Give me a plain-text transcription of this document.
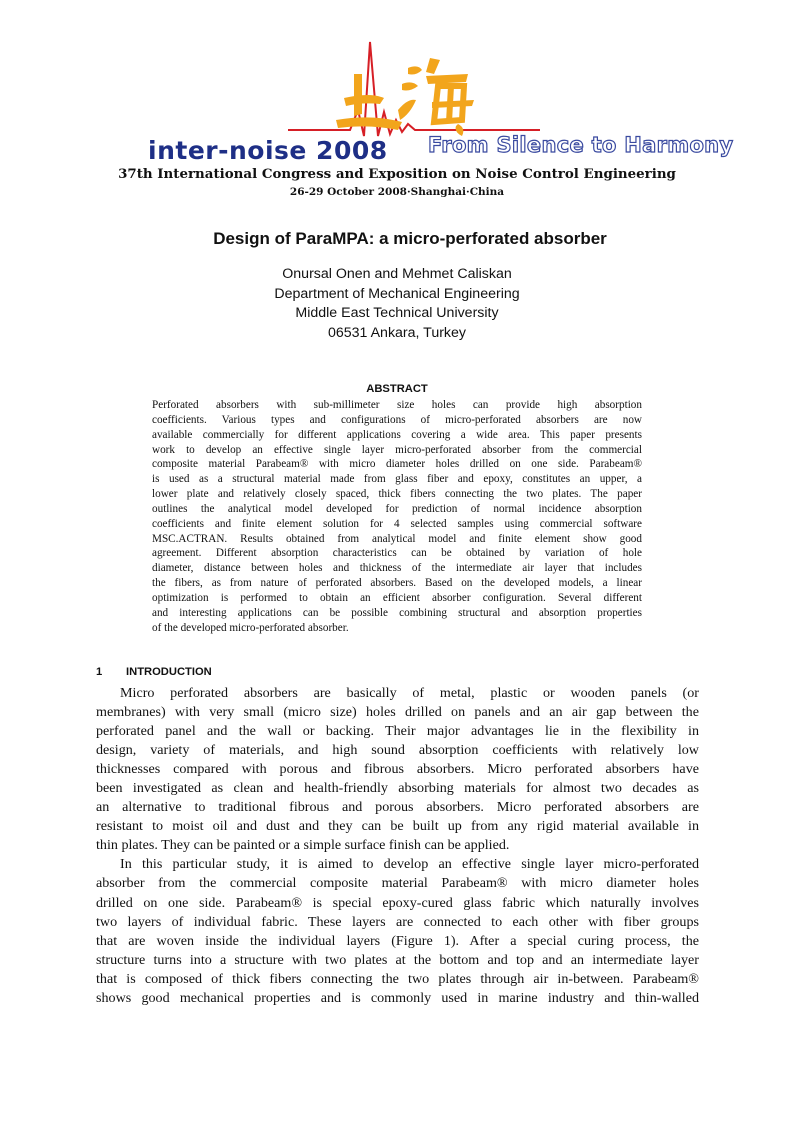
inter-noise 2008 From Silence to Harmony
37th International Congress and Exposition on Noise Control Engineering
26-29 October 2008·Shanghai·China
Design of ParaMPA: a micro-perforated absorber
Onursal Onen and Mehmet Caliskan
Department of Mechanical Engineering
Middle East Technical University
06531 Ankara, Turkey
ABSTRACT
Perforated absorbers with sub-millimeter size holes can provide high absorption
coefficients. Various types and configurations of micro-perforated absorbers are now
available commercially for different applications covering a wide area. This paper presents
work to develop an effective single layer micro-perforated absorber from the commercial
composite material Parabeam® with micro diameter holes drilled on one side. Parabeam®
is used as a structural material made from glass fiber and epoxy, constitutes an upper, a
lower plate and relatively closely spaced, thick fibers connecting the two plates. The paper
outlines the analytical model developed for prediction of normal incidence absorption
coefficients and finite element solution for 4 selected samples using commercial software
MSC.ACTRAN. Results obtained from analytical model and finite element show good
agreement. Different absorption characteristics can be obtained by variation of hole
diameter, distance between holes and thickness of the intermediate air layer that includes
the fibers, as from nature of perforated absorbers. Based on the developed models, a linear
optimization is performed to obtain an efficient absorber configuration. Several different
and interesting applications can be possible combining structural and absorption properties
of the developed micro-perforated absorber.
1 INTRODUCTION
Micro perforated absorbers are basically of metal, plastic or wooden panels (or
membranes) with very small (micro size) holes drilled on panels and an air gap between the
perforated panel and the wall or backing. Their major advantages lie in the flexibility in
design, variety of materials, and high sound absorption coefficients with relatively low
thicknesses compared with porous and fibrous absorbers. Micro perforated absorbers have
been investigated as clean and health-friendly absorbing materials for almost two decades as
an alternative to traditional fibrous and porous absorbers. Micro perforated absorbers are
resistant to moist oil and dust and they can be built up from any rigid material available in
thin plates. They can be painted or a simple surface finish can be applied.
In this particular study, it is aimed to develop an effective single layer micro-perforated
absorber from the commercial composite material Parabeam® with micro diameter holes
drilled on one side. Parabeam® is special epoxy-cured glass fabric which naturally involves
two layers of individual fabric. These layers are connected to each other with fiber groups
that are woven inside the individual layers (Figure 1). After a special curing process, the
structure turns into a structure with two plates at the bottom and top and an intermediate layer
that is composed of thick fibers connecting the two plates through air in-between. Parabeam®
shows good mechanical properties and is commonly used in marine industry and thin-walled
